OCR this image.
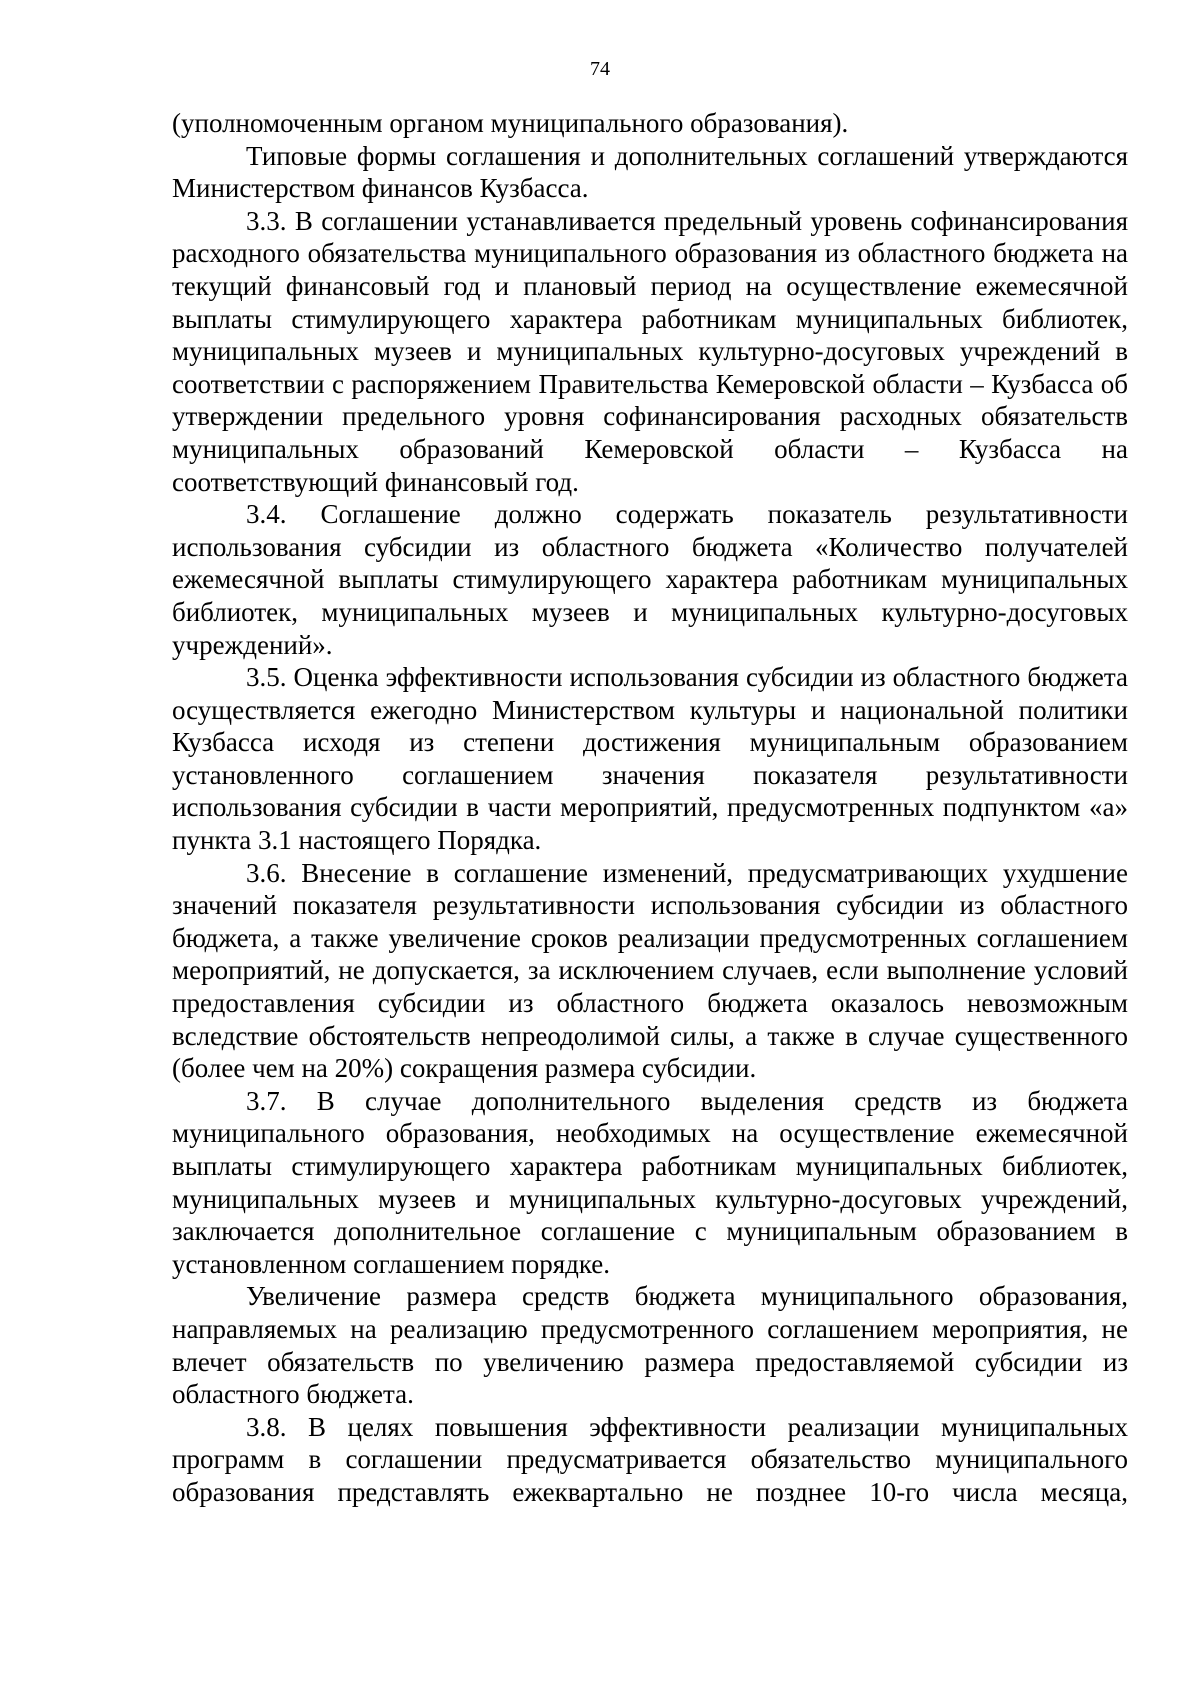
74

(уполномоченным органом муниципального образования).

Типовые формы соглашения и дополнительных соглашений утверждаются Министерством финансов Кузбасса.

3.3. В соглашении устанавливается предельный уровень софинансирования расходного обязательства муниципального образования из областного бюджета на текущий финансовый год и плановый период на осуществление ежемесячной выплаты стимулирующего характера работникам муниципальных библиотек, муниципальных музеев и муниципальных культурно-досуговых учреждений в соответствии с распоряжением Правительства Кемеровской области – Кузбасса об утверждении предельного уровня софинансирования расходных обязательств муниципальных образований Кемеровской области – Кузбасса на соответствующий финансовый год.

3.4. Соглашение должно содержать показатель результативности использования субсидии из областного бюджета «Количество получателей ежемесячной выплаты стимулирующего характера работникам муниципальных библиотек, муниципальных музеев и муниципальных культурно-досуговых учреждений».

3.5. Оценка эффективности использования субсидии из областного бюджета осуществляется ежегодно Министерством культуры и национальной политики Кузбасса исходя из степени достижения муниципальным образованием установленного соглашением значения показателя результативности использования субсидии в части мероприятий, предусмотренных подпунктом «а» пункта 3.1 настоящего Порядка.

3.6. Внесение в соглашение изменений, предусматривающих ухудшение значений показателя результативности использования субсидии из областного бюджета, а также увеличение сроков реализации предусмотренных соглашением мероприятий, не допускается, за исключением случаев, если выполнение условий предоставления субсидии из областного бюджета оказалось невозможным вследствие обстоятельств непреодолимой силы, а также в случае существенного (более чем на 20%) сокращения размера субсидии.

3.7. В случае дополнительного выделения средств из бюджета муниципального образования, необходимых на осуществление ежемесячной выплаты стимулирующего характера работникам муниципальных библиотек, муниципальных музеев и муниципальных культурно-досуговых учреждений, заключается дополнительное соглашение с муниципальным образованием в установленном соглашением порядке.

Увеличение размера средств бюджета муниципального образования, направляемых на реализацию предусмотренного соглашением мероприятия, не влечет обязательств по увеличению размера предоставляемой субсидии из областного бюджета.

3.8. В целях повышения эффективности реализации муниципальных программ в соглашении предусматривается обязательство муниципального образования представлять ежеквартально не позднее 10-го числа месяца,
